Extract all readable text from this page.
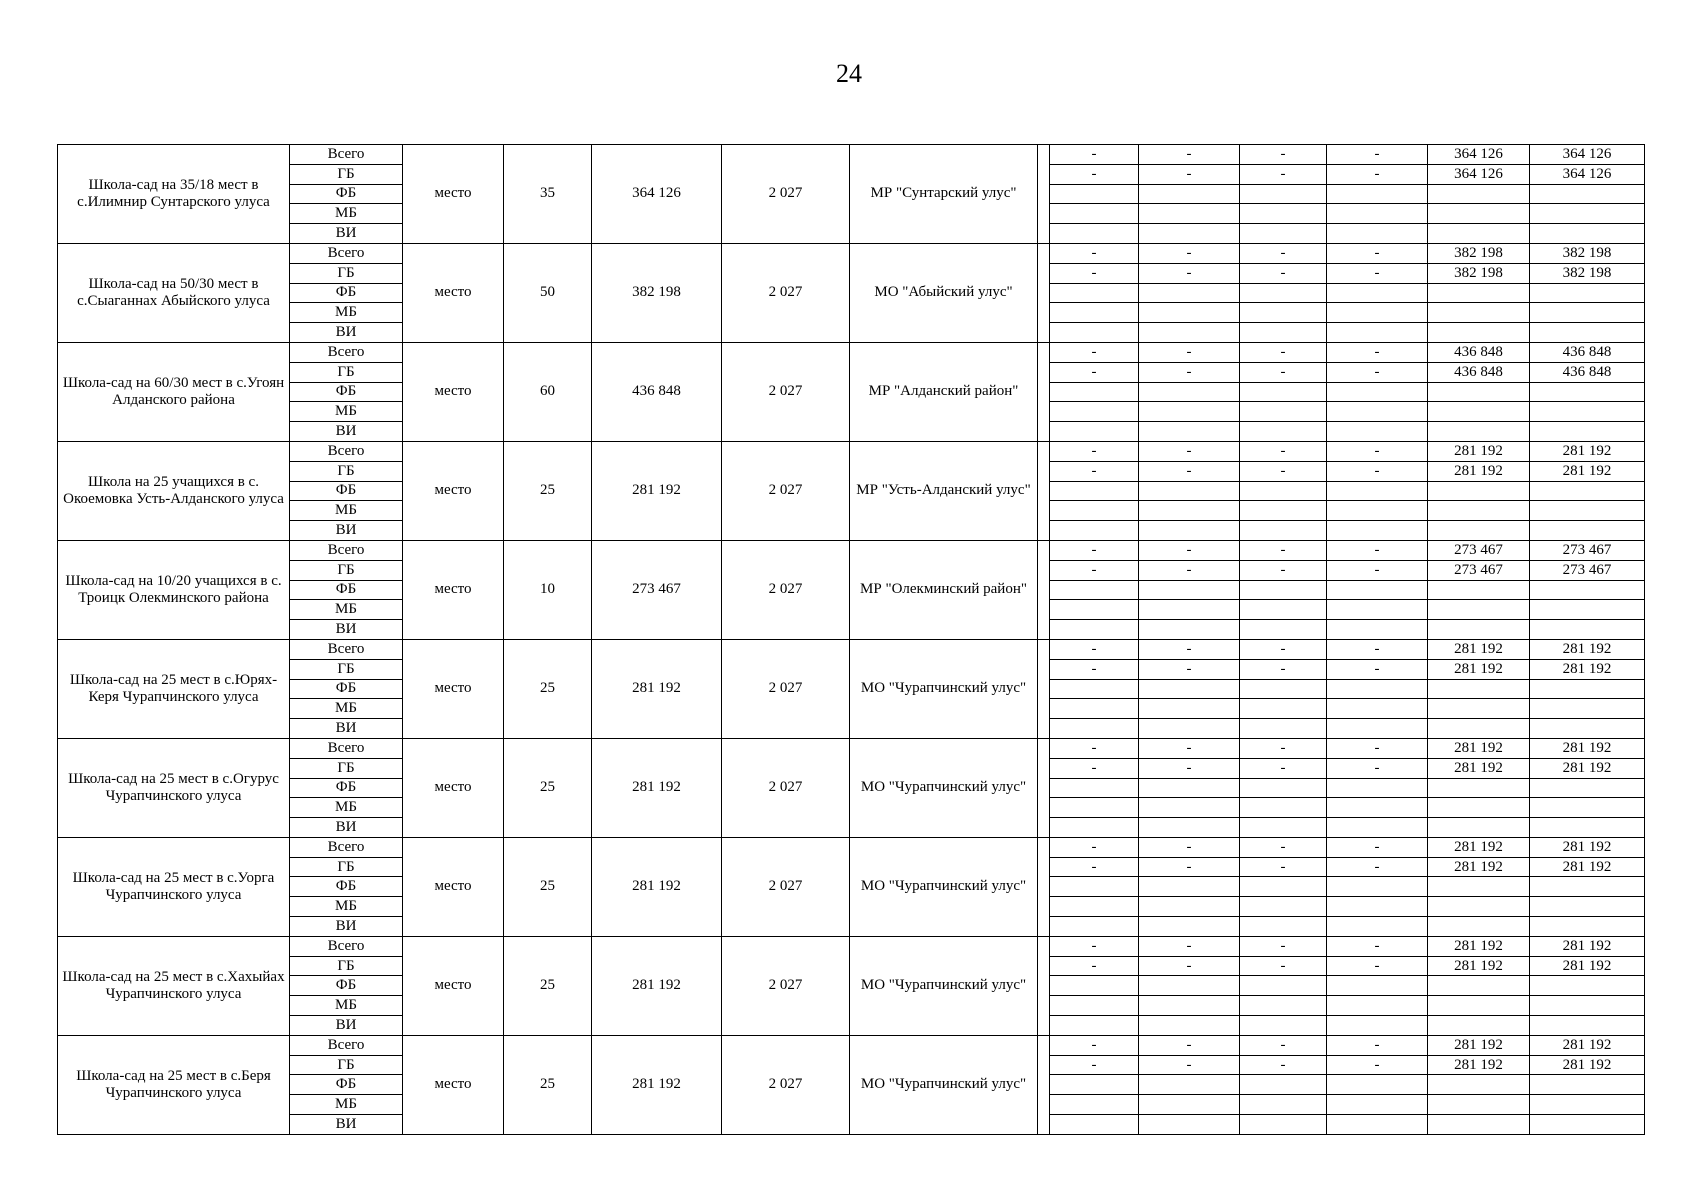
24
Школа-сад на 35/18 мест в с.Илимнир Сунтарского улуса	Всего	место	35	364 126	2 027	МР "Сунтарский улус"		-	-	-	-	364 126	364 126
	ГБ							-	-	-	-	364 126	364 126
	ФБ												
	МБ												
	ВИ												
Школа-сад на 50/30 мест в с.Сыаганнах Абыйского улуса	Всего	место	50	382 198	2 027	МО "Абыйский улус"		-	-	-	-	382 198	382 198
	ГБ							-	-	-	-	382 198	382 198
	ФБ												
	МБ												
	ВИ												
Школа-сад на 60/30 мест в с.Угоян Алданского района	Всего	место	60	436 848	2 027	МР "Алданский район"		-	-	-	-	436 848	436 848
	ГБ							-	-	-	-	436 848	436 848
	ФБ												
	МБ												
	ВИ												
Школа на 25 учащихся в с. Окоемовка Усть-Алданского улуса	Всего	место	25	281 192	2 027	МР "Усть-Алданский улус"		-	-	-	-	281 192	281 192
	ГБ							-	-	-	-	281 192	281 192
	ФБ												
	МБ												
	ВИ												
Школа-сад на 10/20 учащихся в с. Троицк Олекминского района	Всего	место	10	273 467	2 027	МР "Олекминский район"		-	-	-	-	273 467	273 467
	ГБ							-	-	-	-	273 467	273 467
	ФБ												
	МБ												
	ВИ												
Школа-сад на 25 мест в с.Юрях-Керя Чурапчинского улуса	Всего	место	25	281 192	2 027	МО "Чурапчинский улус"		-	-	-	-	281 192	281 192
	ГБ							-	-	-	-	281 192	281 192
	ФБ												
	МБ												
	ВИ												
Школа-сад на 25 мест в с.Огурус Чурапчинского улуса	Всего	место	25	281 192	2 027	МО "Чурапчинский улус"		-	-	-	-	281 192	281 192
	ГБ							-	-	-	-	281 192	281 192
	ФБ												
	МБ												
	ВИ												
Школа-сад на 25 мест в с.Уорга Чурапчинского улуса	Всего	место	25	281 192	2 027	МО "Чурапчинский улус"		-	-	-	-	281 192	281 192
	ГБ							-	-	-	-	281 192	281 192
	ФБ												
	МБ												
	ВИ												
Школа-сад на 25 мест в с.Хахыйах Чурапчинского улуса	Всего	место	25	281 192	2 027	МО "Чурапчинский улус"		-	-	-	-	281 192	281 192
	ГБ							-	-	-	-	281 192	281 192
	ФБ												
	МБ												
	ВИ												
Школа-сад на 25 мест в с.Беря Чурапчинского улуса	Всего	место	25	281 192	2 027	МО "Чурапчинский улус"		-	-	-	-	281 192	281 192
	ГБ							-	-	-	-	281 192	281 192
	ФБ												
	МБ												
	ВИ												
